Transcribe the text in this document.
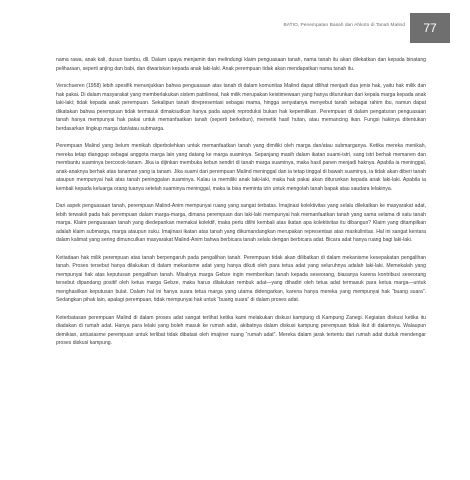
BATIO, Penempatan Basah dan Ahkoto di Tanah Malind	77

nama rawa, anak kali, dusun bambu, dll. Dalam upaya menjamin dan melindungi klaim penguasaan tanah, nama tanah itu akan dilekatkan dan kepada binatang peliharaan, seperti anjing dan babi, dan diwariskan kepada anak laki-laki. Anak perempuan tidak akan mendapatkan nama tanah itu.

Verschueren (1958) lebih spesifik menunjukkan bahwa penguasaan atas tanah di dalam komunitas Malind dapat dilihat menjadi dua jenis hak, yaitu hak milik dan hak pakai. Di dalam masyarakat yang memberlakukan sistem patrilineal, hak milik merupakan keistimewaan yang hanya diturunkan dari kepala marga kepada anak laki-laki; tidak kepada anak perempuan. Sekalipun tanah direpresentasi sebagai mama, hingga senyatanya menyebut tanah sebagai rahim ibu, namun dapat dikatakan bahwa perempuan tidak termasuk dimaksudkan hanya pada aspek reproduksi bukan hak kepemilikan. Perempuan di dalam pengaturan penguasaan tanah hanya mempunyai hak pakai untuk memanfaatkan tanah (seperti berkebun), memetik hasil hutan, atau memancing ikan. Fungsi hakinya ditentukan berdasarkan lingkup marga dan/atau submarga.

Perempuan Malind yang belum menikah diperbolehkan untuk memanfaatkan tanah yang dimiliki oleh marga dan/atau submarganya. Ketika mereka menikah, mereka tetap dianggap sebagai anggota marga lain yang datang ke marga suaminya. Sepanjang masih dalam ikatan suami-istri, sang istri berhak memanen dan membantu suaminya bercocok-tanam. Jika ia dijinkan membuka kebun sendiri di tanah marga suaminya, maka hasil panen menjadi haknya. Apabila ia meninggal, anak-anaknya berhak atas tanaman yang ia tanam. Jika suami dari perempuan Malind meninggal dan ia tetap tinggal di bawah suaminya, ia tidak akan diberi tanah ataupun mempunyai hak atas tanah peninggalan suaminya. Kalau ia memiliki anak laki-laki, maka hak pakai akan diturunkan kepada anak laki-laki. Apabila ia kembali kepada keluarga orang tuanya setelah suaminya meninggal, maka ia bisa meminta izin untuk mengolah tanah bapak atau saudara lelakinya.

Dari aspek penguasaan tanah, perempuan Malind-Anim mempunyai ruang yang sangat terbatas. Imajinasi kolektivitas yang selalu dilekatkan ke masyarakat adat, lebih terwakili pada hak perempuan dalam marga-marga, dimana perempuan dan laki-laki mempunyai hak memanfaatkan tanah yang sama selama di satu tanah marga. Klaim penguasaan tanah yang diedepankan memakai kolektif, maka perlu dilihi kembali atas ikatan apa kolektivitas itu dibangun? Klaim yang ditampilkan adalah klaim submarga, marga ataupun suku. Imajinasi ikatan atas tanah yang dikumandangkan merupakan representasi atas maskulinitas. Hal ini sangat kentara dalam kalimat yang sering dimunculkan masyarakat Malind-Anim bahwa berbicara tanah selalu dengan berbicara adat. Bicara adat hanya ruang bagi laki-laki.

Ketiadaan hak milik perempuan atas tanah berpengaruh pada pengalihan tanah. Perempuan tidak akan dilibatkan di dalam mekanisme kesepakatan pengalihan tanah. Proses tersebut hanya dilakukan di dalam mekanisme adat yang hanya dikuti oleh para tetua adat yang seluruhnya adalah laki-laki. Memekalah yang mempunyai hak atas keputusan pengalihan tanah. Misalnya marga Gebze ingin memberikan tanah kepada seseorang, biasanya karena kontribusi seseorang tersebut dipandang positif oleh ketua marga Gebze, maka harus dilakukan rembuk adat—yang dihadiri oleh tetua adat termasuk para ketua marga—untuk menghasilkan keputusan bulat. Dalam hal ini hanya suara tetua marga yang utama didengarkan, karena hanya mereka yang mempunyai hak “buang suara”. Sedangkan pihak lain, apalagi perempuan, tidak mempunyai hak untuk “buang suara” di dalam proses adat.

Keterbatasan perempuan Malind di dalam proses adat sangat terlihat ketika kami melakukan diskusi kampung di Kampung Zanegi. Kegiatan diskusi ketika itu diadakan di rumah adat. Hanya para lelaki yang boleh masuk ke rumah adat, akibatnya dalam diskusi kampung perempuan tidak ikut di dalamnya. Walaupun demikian, antusiasme perempuan untuk terlibat tidak dibatasi oleh imajiner ruang “rumah adat”. Mereka dalam jarak tertentu dari rumah adat duduk mendengar proses diskusi kampung.
